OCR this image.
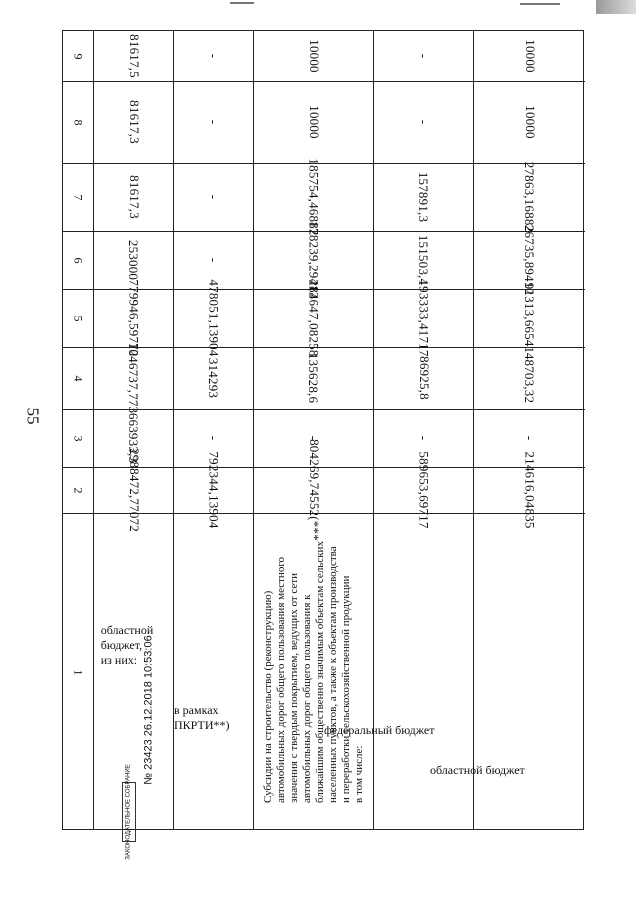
55
9
8
7
6
5
4
3
2
1
81617,5
81617,3
81617,3
253000
779946,59772
1046737,773
663933,3
2988472,77072
областной бюджет, из них:
-
-
-
-
478051,13904
314293
-
792344,13904
в рамках ПКРТИ**)
10000
10000
185754,46882
178239,29412
284647,08258
135628,6
-
804269,74552(***
Субсидии на строительство (реконструкцию) автомобильных дорог общего пользования местного значения с твердым покрытием, ведущих от сети автомобильных дорог общего пользования к ближайшим общественно значимым объектам сельских населенных пунктов, а также к объектам производства и переработки сельскохозяйственной продукции в том числе:
-
-
157891,3
151503,4
193333,41717
86925,8
-
589653,69717
федеральный бюджет
10000
10000
27863,16882
26735,89412
91313,66541
48703,32
-
214616,04835
областной бюджет
ЗАКОНОДАТЕЛЬНОЕ СОБРАНИЕ
№ 23423 26.12.2018 10:53:06
